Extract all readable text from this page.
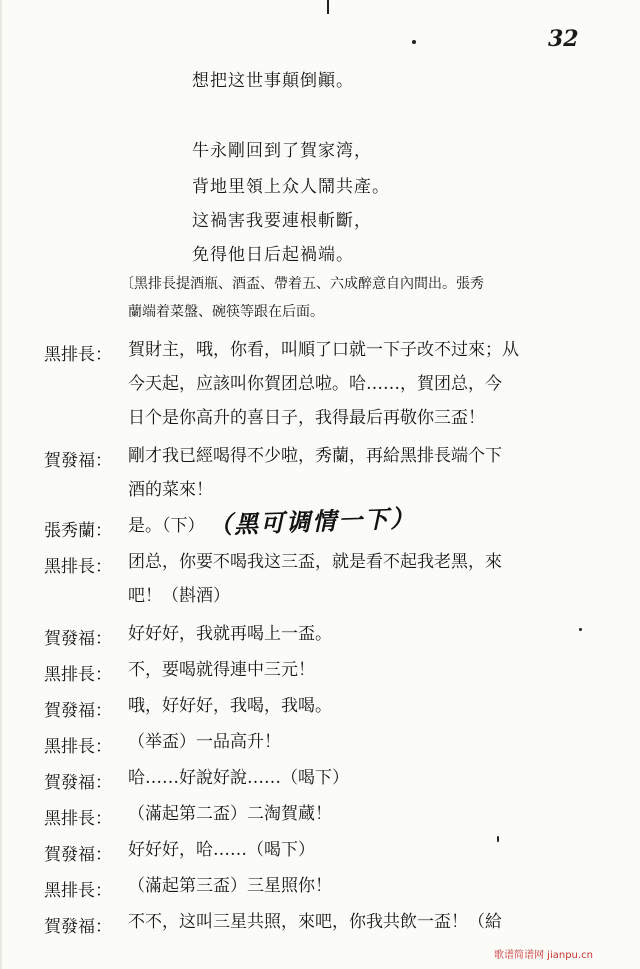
32
想把这世事顛倒顚。
牛永剛回到了賀家湾，
背地里領上众人鬧共產。
这禍害我要連根斬斷，
免得他日后起禍端。
〔黑排長提酒瓶、酒盃、帶着五、六成醉意自內間出。張秀
蘭端着菜盤、碗筷等跟在后面。
黑排長： 賀財主，哦，你看，叫順了口就一下子改不过來；从
今天起，应該叫你賀团总啦。哈……，賀团总，今
日个是你高升的喜日子，我得最后再敬你三盃！
賀發福： 剛才我已經喝得不少啦，秀蘭，再給黑排長端个下
酒的菜來！
張秀蘭： 是。（下） （黑可调情一下）
黑排長： 团总，你要不喝我这三盃，就是看不起我老黑，來
吧！（斟酒）
賀發福： 好好好，我就再喝上一盃。
黑排長： 不，要喝就得連中三元！
賀發福： 哦，好好好，我喝，我喝。
黑排長： （举盃）一品高升！
賀發福： 哈……好說好說……（喝下）
黑排長： （滿起第二盃）二淘賀蔵！
賀發福： 好好好，哈……（喝下）
黑排長： （滿起第三盃）三星照你！
賀發福： 不不，这叫三星共照，來吧，你我共飲一盃！（給
歌谱简谱网 jianpu.cn
